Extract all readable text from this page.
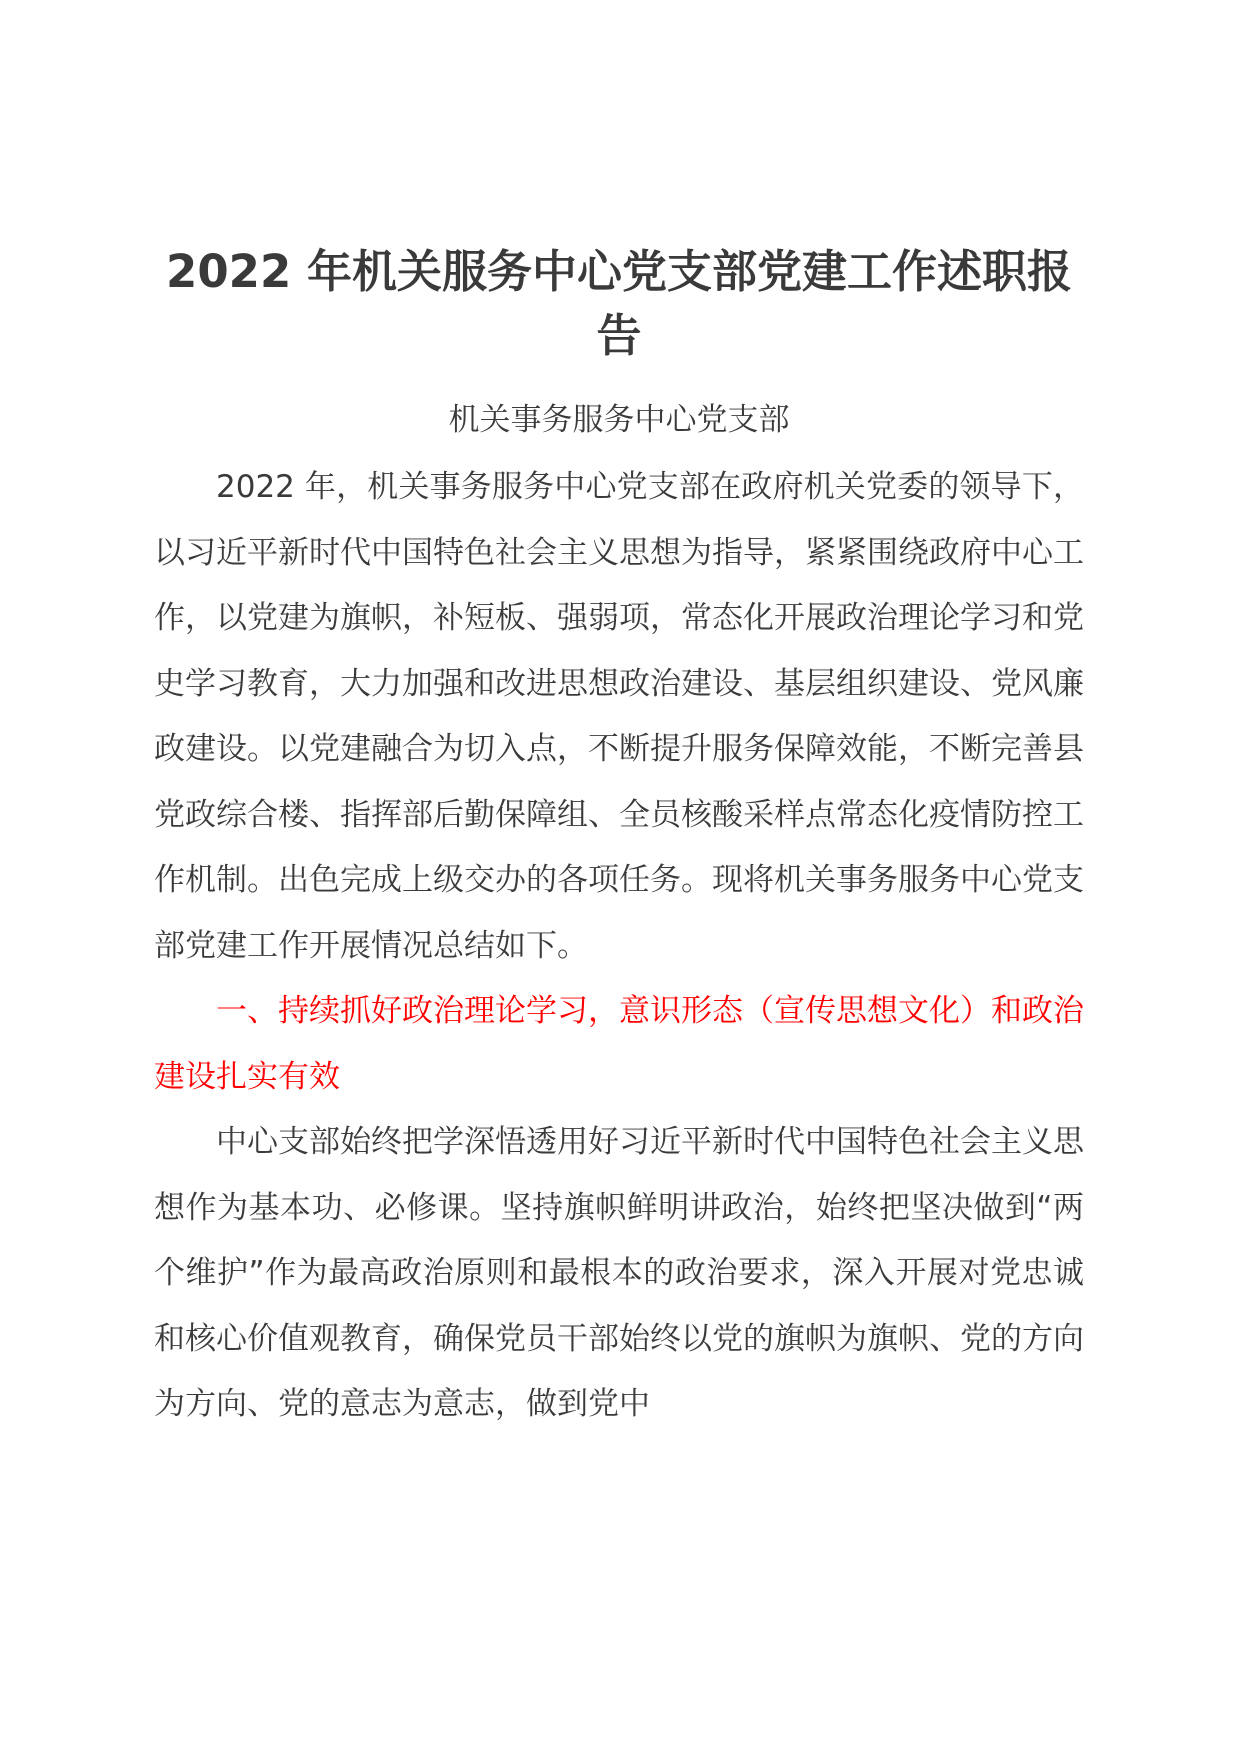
2022 年机关服务中心党支部党建工作述职报告

机关事务服务中心党支部

2022 年，机关事务服务中心党支部在政府机关党委的领导下，以习近平新时代中国特色社会主义思想为指导，紧紧围绕政府中心工作，以党建为旗帜，补短板、强弱项，常态化开展政治理论学习和党史学习教育，大力加强和改进思想政治建设、基层组织建设、党风廉政建设。以党建融合为切入点，不断提升服务保障效能，不断完善县党政综合楼、指挥部后勤保障组、全员核酸采样点常态化疫情防控工作机制。出色完成上级交办的各项任务。现将机关事务服务中心党支部党建工作开展情况总结如下。

一、持续抓好政治理论学习，意识形态（宣传思想文化）和政治建设扎实有效

中心支部始终把学深悟透用好习近平新时代中国特色社会主义思想作为基本功、必修课。坚持旗帜鲜明讲政治，始终把坚决做到“两个维护”作为最高政治原则和最根本的政治要求，深入开展对党忠诚和核心价值观教育，确保党员干部始终以党的旗帜为旗帜、党的方向为方向、党的意志为意志，做到党中
